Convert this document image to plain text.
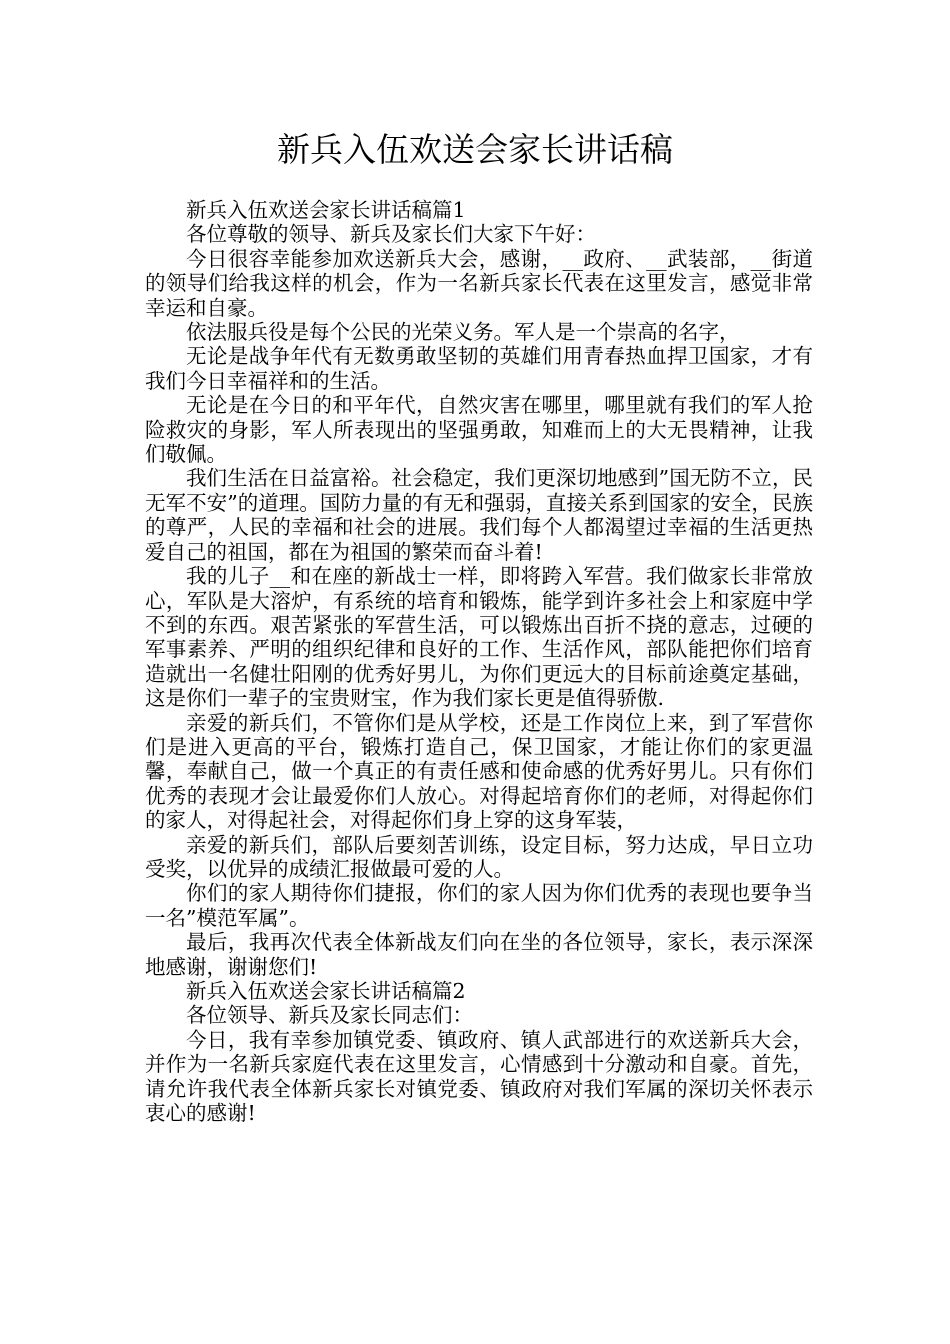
新兵入伍欢送会家长讲话稿

新兵入伍欢送会家长讲话稿篇1

各位尊敬的领导、新兵及家长们大家下午好：

今日很容幸能参加欢送新兵大会，感谢，__政府、__武装部，__街道的领导们给我这样的机会，作为一名新兵家长代表在这里发言，感觉非常幸运和自豪。

依法服兵役是每个公民的光荣义务。军人是一个崇高的名字，

无论是战争年代有无数勇敢坚韧的英雄们用青春热血捍卫国家，才有我们今日幸福祥和的生活。

无论是在今日的和平年代，自然灾害在哪里，哪里就有我们的军人抢险救灾的身影，军人所表现出的坚强勇敢，知难而上的大无畏精神，让我们敬佩。

我们生活在日益富裕。社会稳定，我们更深切地感到”国无防不立，民无军不安”的道理。国防力量的有无和强弱，直接关系到国家的安全，民族的尊严，人民的幸福和社会的进展。我们每个人都渴望过幸福的生活更热爱自己的祖国，都在为祖国的繁荣而奋斗着!

我的儿子__和在座的新战士一样，即将跨入军营。我们做家长非常放心，军队是大溶炉，有系统的培育和锻炼，能学到许多社会上和家庭中学不到的东西。艰苦紧张的军营生活，可以锻炼出百折不挠的意志，过硬的军事素养、严明的组织纪律和良好的工作、生活作风，部队能把你们培育造就出一名健壮阳刚的优秀好男儿，为你们更远大的目标前途奠定基础，这是你们一辈子的宝贵财宝，作为我们家长更是值得骄傲.

亲爱的新兵们，不管你们是从学校，还是工作岗位上来，到了军营你们是进入更高的平台，锻炼打造自己，保卫国家，才能让你们的家更温馨，奉献自己，做一个真正的有责任感和使命感的优秀好男儿。只有你们优秀的表现才会让最爱你们人放心。对得起培育你们的老师，对得起你们的家人，对得起社会，对得起你们身上穿的这身军装，

亲爱的新兵们，部队后要刻苦训练，设定目标，努力达成，早日立功受奖，以优异的成绩汇报做最可爱的人。

你们的家人期待你们捷报，你们的家人因为你们优秀的表现也要争当一名”模范军属”。

最后，我再次代表全体新战友们向在坐的各位领导，家长，表示深深地感谢，谢谢您们!

新兵入伍欢送会家长讲话稿篇2

各位领导、新兵及家长同志们：

今日，我有幸参加镇党委、镇政府、镇人武部进行的欢送新兵大会，并作为一名新兵家庭代表在这里发言，心情感到十分激动和自豪。首先，请允许我代表全体新兵家长对镇党委、镇政府对我们军属的深切关怀表示衷心的感谢!
